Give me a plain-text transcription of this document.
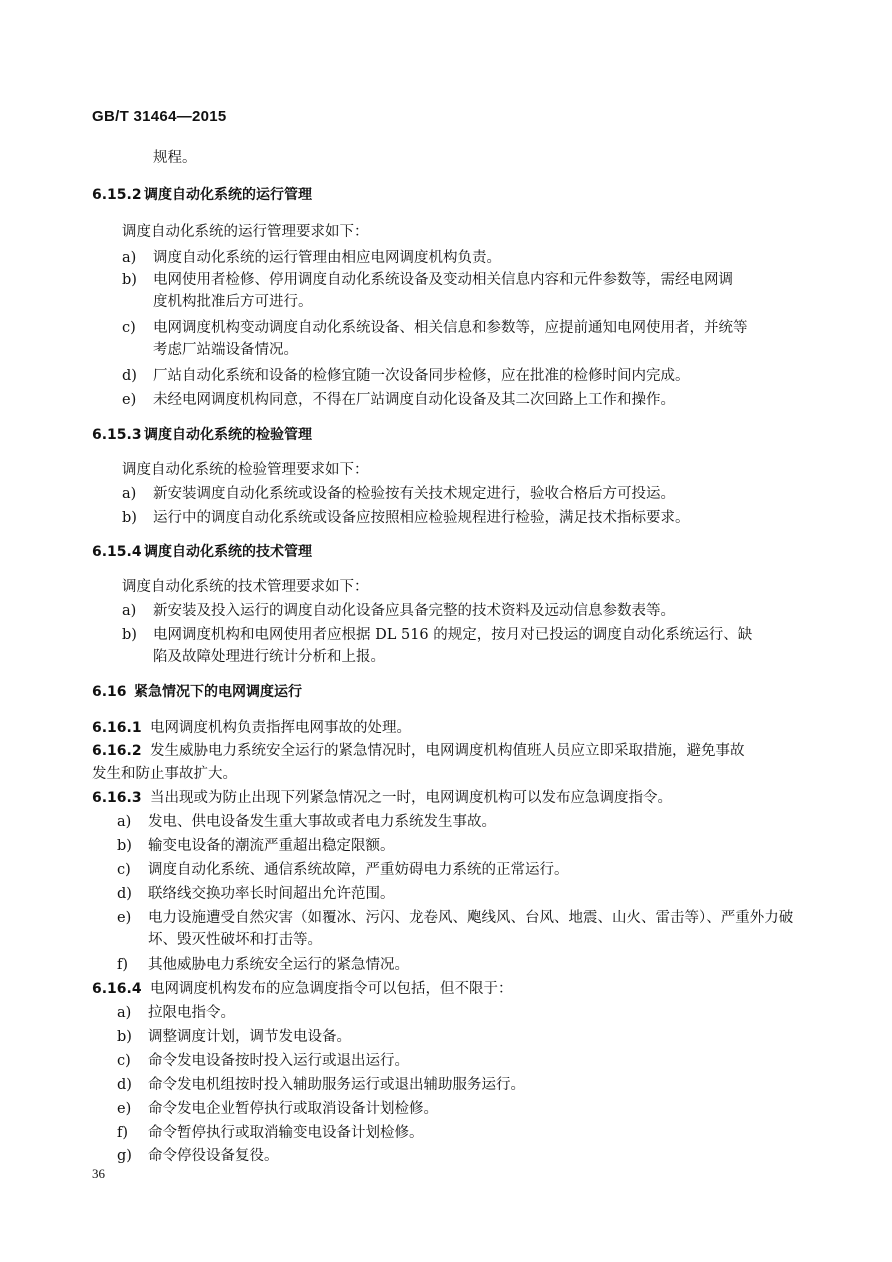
GB/T 31464—2015
规程。
6.15.2 调度自动化系统的运行管理
调度自动化系统的运行管理要求如下：
a) 调度自动化系统的运行管理由相应电网调度机构负责。
b) 电网使用者检修、停用调度自动化系统设备及变动相关信息内容和元件参数等，需经电网调
度机构批准后方可进行。
c) 电网调度机构变动调度自动化系统设备、相关信息和参数等，应提前通知电网使用者，并统等
考虑厂站端设备情况。
d) 厂站自动化系统和设备的检修宜随一次设备同步检修，应在批准的检修时间内完成。
e) 未经电网调度机构同意，不得在厂站调度自动化设备及其二次回路上工作和操作。
6.15.3 调度自动化系统的检验管理
调度自动化系统的检验管理要求如下：
a) 新安装调度自动化系统或设备的检验按有关技术规定进行，验收合格后方可投运。
b) 运行中的调度自动化系统或设备应按照相应检验规程进行检验，满足技术指标要求。
6.15.4 调度自动化系统的技术管理
调度自动化系统的技术管理要求如下：
a) 新安装及投入运行的调度自动化设备应具备完整的技术资料及远动信息参数表等。
b) 电网调度机构和电网使用者应根据 DL 516 的规定，按月对已投运的调度自动化系统运行、缺
陷及故障处理进行统计分析和上报。
6.16 紧急情况下的电网调度运行
6.16.1 电网调度机构负责指挥电网事故的处理。
6.16.2 发生威胁电力系统安全运行的紧急情况时，电网调度机构值班人员应立即采取措施，避免事故
发生和防止事故扩大。
6.16.3 当出现或为防止出现下列紧急情况之一时，电网调度机构可以发布应急调度指令。
a) 发电、供电设备发生重大事故或者电力系统发生事故。
b) 输变电设备的潮流严重超出稳定限额。
c) 调度自动化系统、通信系统故障，严重妨碍电力系统的正常运行。
d) 联络线交换功率长时间超出允许范围。
e) 电力设施遭受自然灾害（如覆冰、污闪、龙卷风、飑线风、台风、地震、山火、雷击等）、严重外力破
坏、毁灭性破坏和打击等。
f) 其他威胁电力系统安全运行的紧急情况。
6.16.4 电网调度机构发布的应急调度指令可以包括，但不限于：
a) 拉限电指令。
b) 调整调度计划，调节发电设备。
c) 命令发电设备按时投入运行或退出运行。
d) 命令发电机组按时投入辅助服务运行或退出辅助服务运行。
e) 命令发电企业暂停执行或取消设备计划检修。
f) 命令暂停执行或取消输变电设备计划检修。
g) 命令停役设备复役。
36
